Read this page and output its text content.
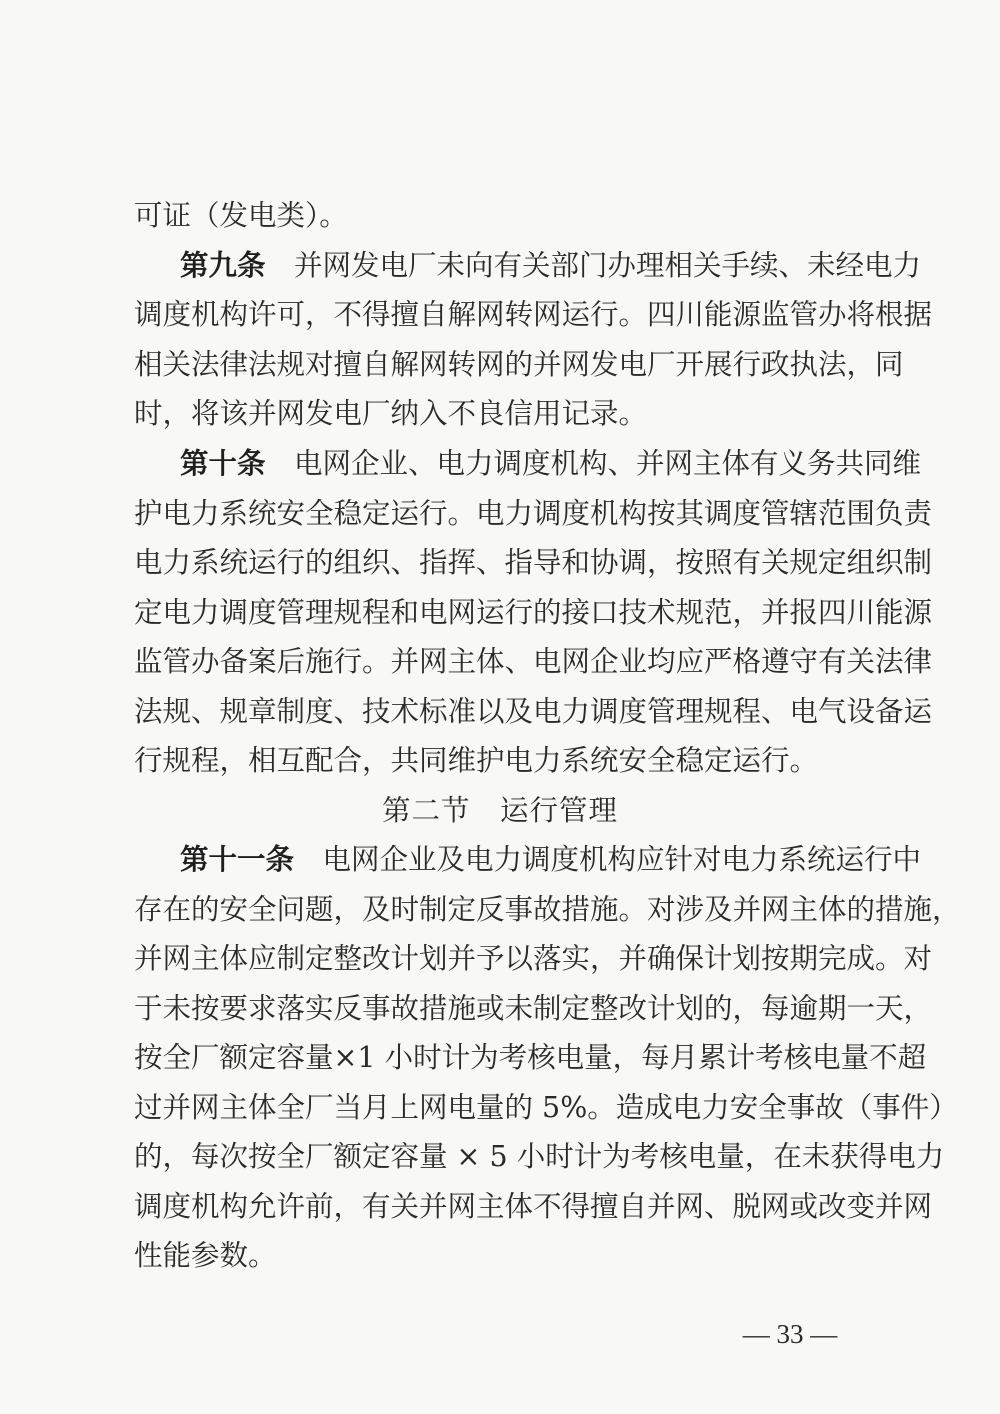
可证（发电类）。
第九条　 并网发电厂未向有关部门办理相关手续、未经电力
调度机构许可，不得擅自解网转网运行。四川能源监管办将根据
相关法律法规对擅自解网转网的并网发电厂开展行政执法，同
时，将该并网发电厂纳入不良信用记录。
第十条　 电网企业、电力调度机构、并网主体有义务共同维
护电力系统安全稳定运行。电力调度机构按其调度管辖范围负责
电力系统运行的组织、指挥、指导和协调，按照有关规定组织制
定电力调度管理规程和电网运行的接口技术规范，并报四川能源
监管办备案后施行。并网主体、电网企业均应严格遵守有关法律
法规、规章制度、技术标准以及电力调度管理规程、电气设备运
行规程，相互配合，共同维护电力系统安全稳定运行。
第二节　运行管理
第十一条　 电网企业及电力调度机构应针对电力系统运行中
存在的安全问题，及时制定反事故措施。对涉及并网主体的措施，
并网主体应制定整改计划并予以落实，并确保计划按期完成。对
于未按要求落实反事故措施或未制定整改计划的，每逾期一天，
按全厂额定容量×1 小时计为考核电量，每月累计考核电量不超
过并网主体全厂当月上网电量的 5%。造成电力安全事故（事件）
的，每次按全厂额定容量 × 5 小时计为考核电量，在未获得电力
调度机构允许前，有关并网主体不得擅自并网、脱网或改变并网
性能参数。
— 33 —
